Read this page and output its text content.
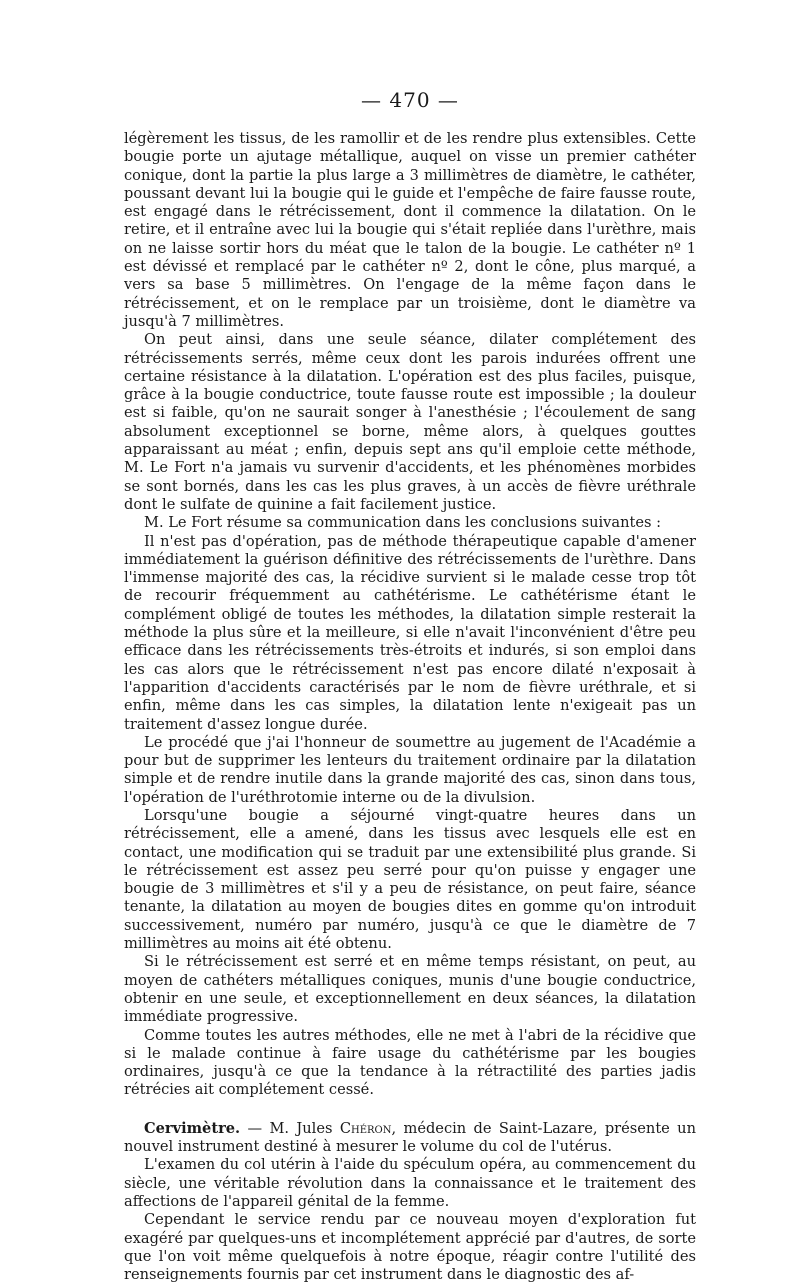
— 470 —

légèrement les tissus, de les ramollir et de les rendre plus extensibles. Cette bougie porte un ajutage métallique, auquel on visse un premier cathéter conique, dont la partie la plus large a 3 millimètres de diamètre, le cathéter, poussant devant lui la bougie qui le guide et l'empêche de faire fausse route, est engagé dans le rétrécissement, dont il commence la dilatation. On le retire, et il entraîne avec lui la bougie qui s'était repliée dans l'urèthre, mais on ne laisse sortir hors du méat que le talon de la bougie. Le cathéter nº 1 est dévissé et remplacé par le cathéter nº 2, dont le cône, plus marqué, a vers sa base 5 millimètres. On l'engage de la même façon dans le rétrécissement, et on le remplace par un troisième, dont le diamètre va jusqu'à 7 millimètres.

On peut ainsi, dans une seule séance, dilater complétement des rétrécissements serrés, même ceux dont les parois indurées offrent une certaine résistance à la dilatation. L'opération est des plus faciles, puisque, grâce à la bougie conductrice, toute fausse route est impossible ; la douleur est si faible, qu'on ne saurait songer à l'anesthésie ; l'écoulement de sang absolument exceptionnel se borne, même alors, à quelques gouttes apparaissant au méat ; enfin, depuis sept ans qu'il emploie cette méthode, M. Le Fort n'a jamais vu survenir d'accidents, et les phénomènes morbides se sont bornés, dans les cas les plus graves, à un accès de fièvre uréthrale dont le sulfate de quinine a fait facilement justice.

M. Le Fort résume sa communication dans les conclusions suivantes :

Il n'est pas d'opération, pas de méthode thérapeutique capable d'amener immédiatement la guérison définitive des rétrécissements de l'urèthre. Dans l'immense majorité des cas, la récidive survient si le malade cesse trop tôt de recourir fréquemment au cathétérisme. Le cathétérisme étant le complément obligé de toutes les méthodes, la dilatation simple resterait la méthode la plus sûre et la meilleure, si elle n'avait l'inconvénient d'être peu efficace dans les rétrécissements très-étroits et indurés, si son emploi dans les cas alors que le rétrécissement n'est pas encore dilaté n'exposait à l'apparition d'accidents caractérisés par le nom de fièvre uréthrale, et si enfin, même dans les cas simples, la dilatation lente n'exigeait pas un traitement d'assez longue durée.

Le procédé que j'ai l'honneur de soumettre au jugement de l'Académie a pour but de supprimer les lenteurs du traitement ordinaire par la dilatation simple et de rendre inutile dans la grande majorité des cas, sinon dans tous, l'opération de l'uréthrotomie interne ou de la divulsion.

Lorsqu'une bougie a séjourné vingt-quatre heures dans un rétrécissement, elle a amené, dans les tissus avec lesquels elle est en contact, une modification qui se traduit par une extensibilité plus grande. Si le rétrécissement est assez peu serré pour qu'on puisse y engager une bougie de 3 millimètres et s'il y a peu de résistance, on peut faire, séance tenante, la dilatation au moyen de bougies dites en gomme qu'on introduit successivement, numéro par numéro, jusqu'à ce que le diamètre de 7 millimètres au moins ait été obtenu.

Si le rétrécissement est serré et en même temps résistant, on peut, au moyen de cathéters métalliques coniques, munis d'une bougie conductrice, obtenir en une seule, et exceptionnellement en deux séances, la dilatation immédiate progressive.

Comme toutes les autres méthodes, elle ne met à l'abri de la récidive que si le malade continue à faire usage du cathétérisme par les bougies ordinaires, jusqu'à ce que la tendance à la rétractilité des parties jadis rétrécies ait complétement cessé.

Cervimètre. — M. Jules Chéron, médecin de Saint-Lazare, présente un nouvel instrument destiné à mesurer le volume du col de l'utérus.

L'examen du col utérin à l'aide du spéculum opéra, au commencement du siècle, une véritable révolution dans la connaissance et le traitement des affections de l'appareil génital de la femme.

Cependant le service rendu par ce nouveau moyen d'exploration fut exagéré par quelques-uns et incomplétement apprécié par d'autres, de sorte que l'on voit même quelquefois à notre époque, réagir contre l'utilité des renseignements fournis par cet instrument dans le diagnostic des af-
